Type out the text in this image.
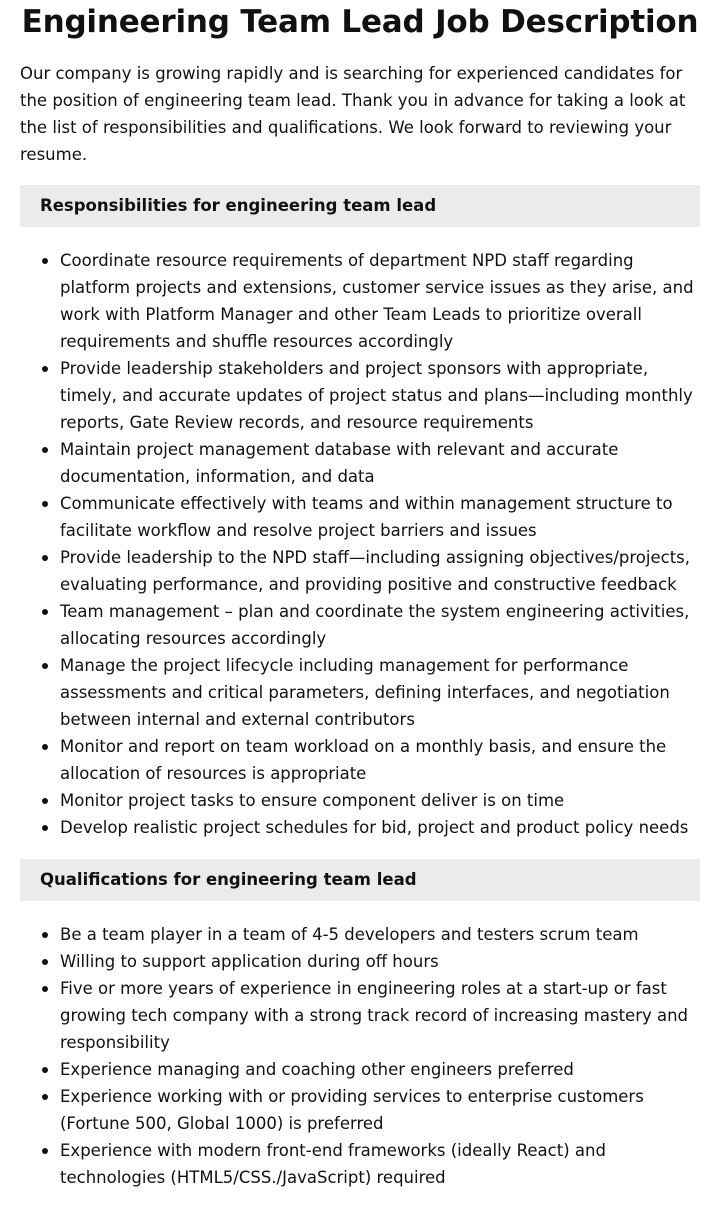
Engineering Team Lead Job Description

Our company is growing rapidly and is searching for experienced candidates for the position of engineering team lead. Thank you in advance for taking a look at the list of responsibilities and qualifications. We look forward to reviewing your resume.

Responsibilities for engineering team lead
Coordinate resource requirements of department NPD staff regarding platform projects and extensions, customer service issues as they arise, and work with Platform Manager and other Team Leads to prioritize overall requirements and shuffle resources accordingly
Provide leadership stakeholders and project sponsors with appropriate, timely, and accurate updates of project status and plans—including monthly reports, Gate Review records, and resource requirements
Maintain project management database with relevant and accurate documentation, information, and data
Communicate effectively with teams and within management structure to facilitate workflow and resolve project barriers and issues
Provide leadership to the NPD staff—including assigning objectives/projects, evaluating performance, and providing positive and constructive feedback
Team management – plan and coordinate the system engineering activities, allocating resources accordingly
Manage the project lifecycle including management for performance assessments and critical parameters, defining interfaces, and negotiation between internal and external contributors
Monitor and report on team workload on a monthly basis, and ensure the allocation of resources is appropriate
Monitor project tasks to ensure component deliver is on time
Develop realistic project schedules for bid, project and product policy needs
Qualifications for engineering team lead
Be a team player in a team of 4-5 developers and testers scrum team
Willing to support application during off hours
Five or more years of experience in engineering roles at a start-up or fast growing tech company with a strong track record of increasing mastery and responsibility
Experience managing and coaching other engineers preferred
Experience working with or providing services to enterprise customers (Fortune 500, Global 1000) is preferred
Experience with modern front-end frameworks (ideally React) and technologies (HTML5/CSS./JavaScript) required
